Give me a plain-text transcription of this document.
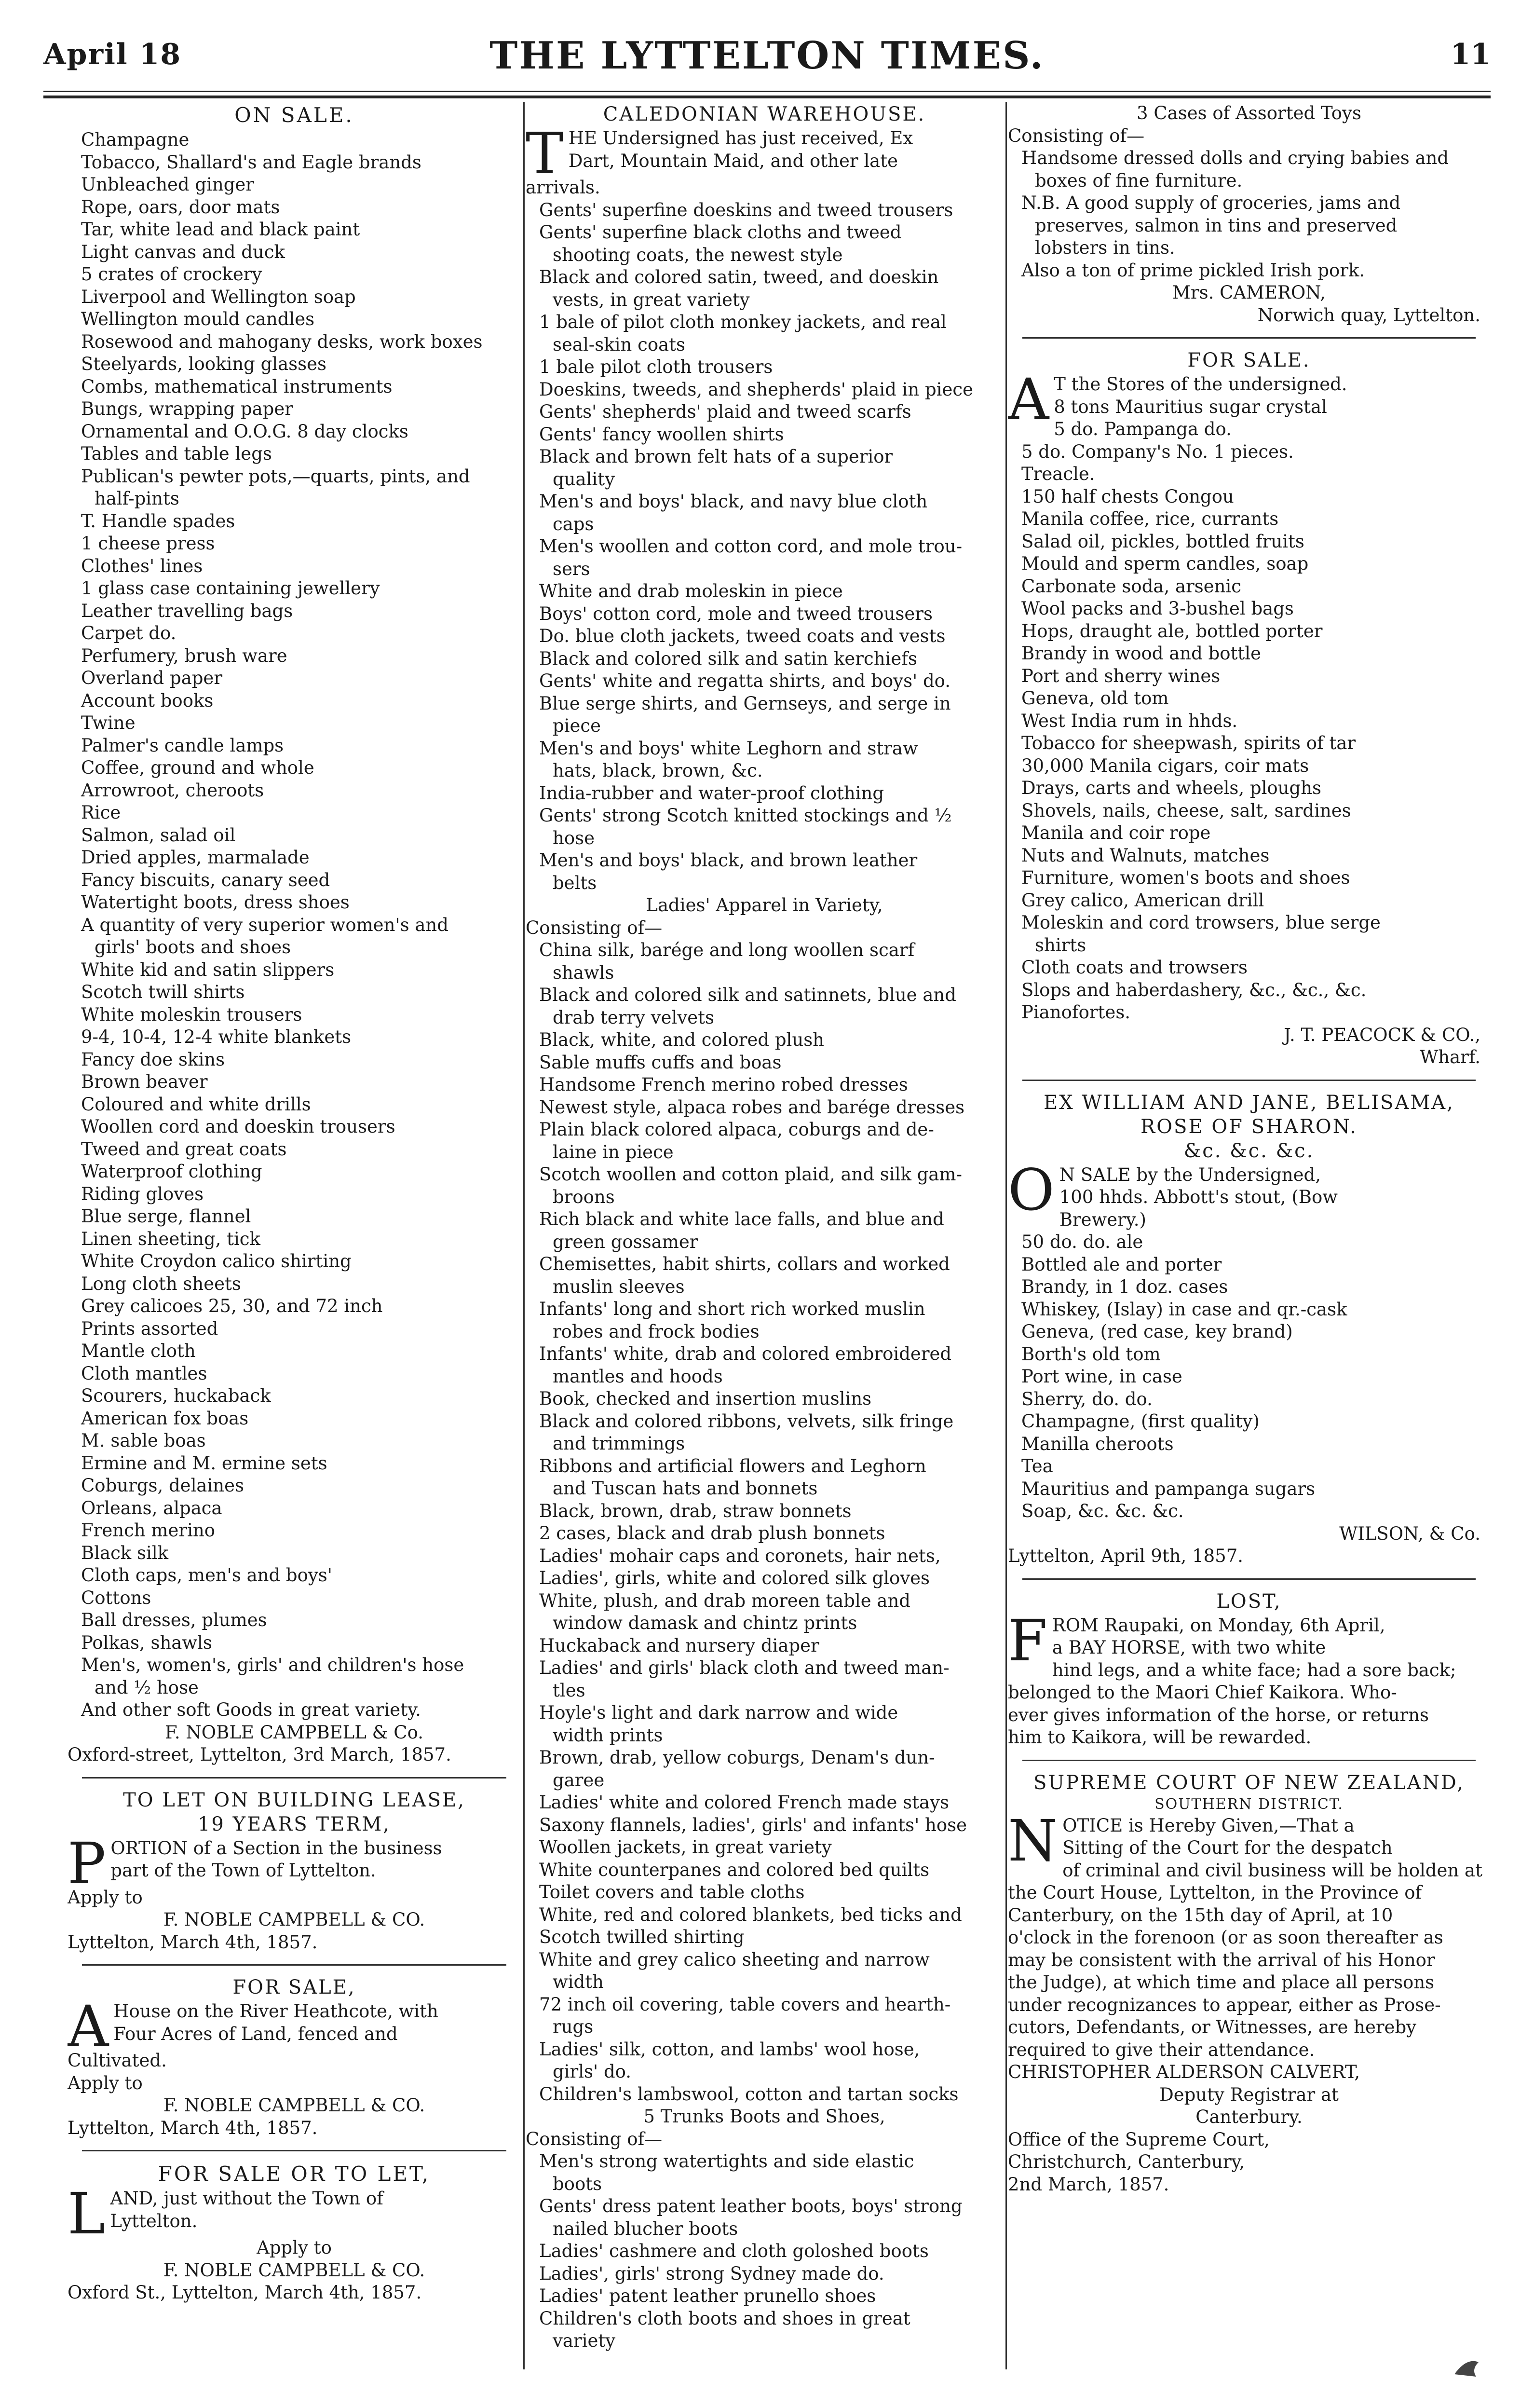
April 18	THE LYTTELTON TIMES.	11
ON SALE.
Champagne
Tobacco, Shallard's and Eagle brands
Unbleached ginger
Rope, oars, door mats
Tar, white lead and black paint
Light canvas and duck
5 crates of crockery
Liverpool and Wellington soap
Wellington mould candles
Rosewood and mahogany desks, work boxes
Steelyards, looking glasses
Combs, mathematical instruments
Bungs, wrapping paper
Ornamental and O.O.G. 8 day clocks
Tables and table legs
Publican's pewter pots,—quarts, pints, and
half-pints
T. Handle spades
1 cheese press
Clothes' lines
1 glass case containing jewellery
Leather travelling bags
Carpet do.
Perfumery, brush ware
Overland paper
Account books
Twine
Palmer's candle lamps
Coffee, ground and whole
Arrowroot, cheroots
Rice
Salmon, salad oil
Dried apples, marmalade
Fancy biscuits, canary seed
Watertight boots, dress shoes
A quantity of very superior women's and
girls' boots and shoes
White kid and satin slippers
Scotch twill shirts
White moleskin trousers
9-4, 10-4, 12-4 white blankets
Fancy doe skins
Brown beaver
Coloured and white drills
Woollen cord and doeskin trousers
Tweed and great coats
Waterproof clothing
Riding gloves
Blue serge, flannel
Linen sheeting, tick
White Croydon calico shirting
Long cloth sheets
Grey calicoes 25, 30, and 72 inch
Prints assorted
Mantle cloth
Cloth mantles
Scourers, huckaback
American fox boas
M. sable boas
Ermine and M. ermine sets
Coburgs, delaines
Orleans, alpaca
French merino
Black silk
Cloth caps, men's and boys'
Cottons
Ball dresses, plumes
Polkas, shawls
Men's, women's, girls' and children's hose
and ½ hose
And other soft Goods in great variety.
F. NOBLE CAMPBELL & Co.
Oxford-street, Lyttelton, 3rd March, 1857.
TO LET ON BUILDING LEASE,
19 YEARS TERM,
P ORTION of a Section in the business
part of the Town of Lyttelton.
Apply to
F. NOBLE CAMPBELL & CO.
Lyttelton, March 4th, 1857.
FOR SALE,
A House on the River Heathcote, with
Four Acres of Land, fenced and
Cultivated.
Apply to
F. NOBLE CAMPBELL & CO.
Lyttelton, March 4th, 1857.
FOR SALE OR TO LET,
L AND, just without the Town of
Lyttelton.
Apply to
F. NOBLE CAMPBELL & CO.
Oxford St., Lyttelton, March 4th, 1857.
CALEDONIAN WAREHOUSE.
T HE Undersigned has just received, Ex
Dart, Mountain Maid, and other late
arrivals.
Gents' superfine doeskins and tweed trousers
Gents' superfine black cloths and tweed
shooting coats, the newest style
Black and colored satin, tweed, and doeskin
vests, in great variety
1 bale of pilot cloth monkey jackets, and real
seal-skin coats
1 bale pilot cloth trousers
Doeskins, tweeds, and shepherds' plaid in piece
Gents' shepherds' plaid and tweed scarfs
Gents' fancy woollen shirts
Black and brown felt hats of a superior
quality
Men's and boys' black, and navy blue cloth
caps
Men's woollen and cotton cord, and mole trou-
sers
White and drab moleskin in piece
Boys' cotton cord, mole and tweed trousers
Do. blue cloth jackets, tweed coats and vests
Black and colored silk and satin kerchiefs
Gents' white and regatta shirts, and boys' do.
Blue serge shirts, and Gernseys, and serge in
piece
Men's and boys' white Leghorn and straw
hats, black, brown, &c.
India-rubber and water-proof clothing
Gents' strong Scotch knitted stockings and ½
hose
Men's and boys' black, and brown leather
belts
Ladies' Apparel in Variety,
Consisting of—
China silk, barége and long woollen scarf
shawls
Black and colored silk and satinnets, blue and
drab terry velvets
Black, white, and colored plush
Sable muffs cuffs and boas
Handsome French merino robed dresses
Newest style, alpaca robes and barége dresses
Plain black colored alpaca, coburgs and de-
laine in piece
Scotch woollen and cotton plaid, and silk gam-
broons
Rich black and white lace falls, and blue and
green gossamer
Chemisettes, habit shirts, collars and worked
muslin sleeves
Infants' long and short rich worked muslin
robes and frock bodies
Infants' white, drab and colored embroidered
mantles and hoods
Book, checked and insertion muslins
Black and colored ribbons, velvets, silk fringe
and trimmings
Ribbons and artificial flowers and Leghorn
and Tuscan hats and bonnets
Black, brown, drab, straw bonnets
2 cases, black and drab plush bonnets
Ladies' mohair caps and coronets, hair nets,
Ladies', girls, white and colored silk gloves
White, plush, and drab moreen table and
window damask and chintz prints
Huckaback and nursery diaper
Ladies' and girls' black cloth and tweed man-
tles
Hoyle's light and dark narrow and wide
width prints
Brown, drab, yellow coburgs, Denam's dun-
garee
Ladies' white and colored French made stays
Saxony flannels, ladies', girls' and infants' hose
Woollen jackets, in great variety
White counterpanes and colored bed quilts
Toilet covers and table cloths
White, red and colored blankets, bed ticks and
Scotch twilled shirting
White and grey calico sheeting and narrow
width
72 inch oil covering, table covers and hearth-
rugs
Ladies' silk, cotton, and lambs' wool hose,
girls' do.
Children's lambswool, cotton and tartan socks
5 Trunks Boots and Shoes,
Consisting of—
Men's strong watertights and side elastic
boots
Gents' dress patent leather boots, boys' strong
nailed blucher boots
Ladies' cashmere and cloth goloshed boots
Ladies', girls' strong Sydney made do.
Ladies' patent leather prunello shoes
Children's cloth boots and shoes in great
variety
3 Cases of Assorted Toys
Consisting of—
Handsome dressed dolls and crying babies and
boxes of fine furniture.
N.B. A good supply of groceries, jams and
preserves, salmon in tins and preserved
lobsters in tins.
Also a ton of prime pickled Irish pork.
Mrs. CAMERON,
Norwich quay, Lyttelton.
FOR SALE.
A T the Stores of the undersigned.
8 tons Mauritius sugar crystal
5 do. Pampanga do.
5 do. Company's No. 1 pieces.
Treacle.
150 half chests Congou
Manila coffee, rice, currants
Salad oil, pickles, bottled fruits
Mould and sperm candles, soap
Carbonate soda, arsenic
Wool packs and 3-bushel bags
Hops, draught ale, bottled porter
Brandy in wood and bottle
Port and sherry wines
Geneva, old tom
West India rum in hhds.
Tobacco for sheepwash, spirits of tar
30,000 Manila cigars, coir mats
Drays, carts and wheels, ploughs
Shovels, nails, cheese, salt, sardines
Manila and coir rope
Nuts and Walnuts, matches
Furniture, women's boots and shoes
Grey calico, American drill
Moleskin and cord trowsers, blue serge
shirts
Cloth coats and trowsers
Slops and haberdashery, &c., &c., &c.
Pianofortes.
J. T. PEACOCK & CO.,
Wharf.
EX WILLIAM AND JANE, BELISAMA,
ROSE OF SHARON.
&c. &c. &c.
O N SALE by the Undersigned,
100 hhds. Abbott's stout, (Bow
Brewery.)
50 do. do. ale
Bottled ale and porter
Brandy, in 1 doz. cases
Whiskey, (Islay) in case and qr.-cask
Geneva, (red case, key brand)
Borth's old tom
Port wine, in case
Sherry, do. do.
Champagne, (first quality)
Manilla cheroots
Tea
Mauritius and pampanga sugars
Soap, &c. &c. &c.
WILSON, & Co.
Lyttelton, April 9th, 1857.
LOST,
F ROM Raupaki, on Monday, 6th April,
a BAY HORSE, with two white
hind legs, and a white face; had a sore back;
belonged to the Maori Chief Kaikora. Who-
ever gives information of the horse, or returns
him to Kaikora, will be rewarded.
SUPREME COURT OF NEW ZEALAND,
SOUTHERN DISTRICT.
N OTICE is Hereby Given,—That a
Sitting of the Court for the despatch
of criminal and civil business will be holden at
the Court House, Lyttelton, in the Province of
Canterbury, on the 15th day of April, at 10
o'clock in the forenoon (or as soon thereafter as
may be consistent with the arrival of his Honor
the Judge), at which time and place all persons
under recognizances to appear, either as Prose-
cutors, Defendants, or Witnesses, are hereby
required to give their attendance.
CHRISTOPHER ALDERSON CALVERT,
Deputy Registrar at
Canterbury.
Office of the Supreme Court,
Christchurch, Canterbury,
2nd March, 1857.
